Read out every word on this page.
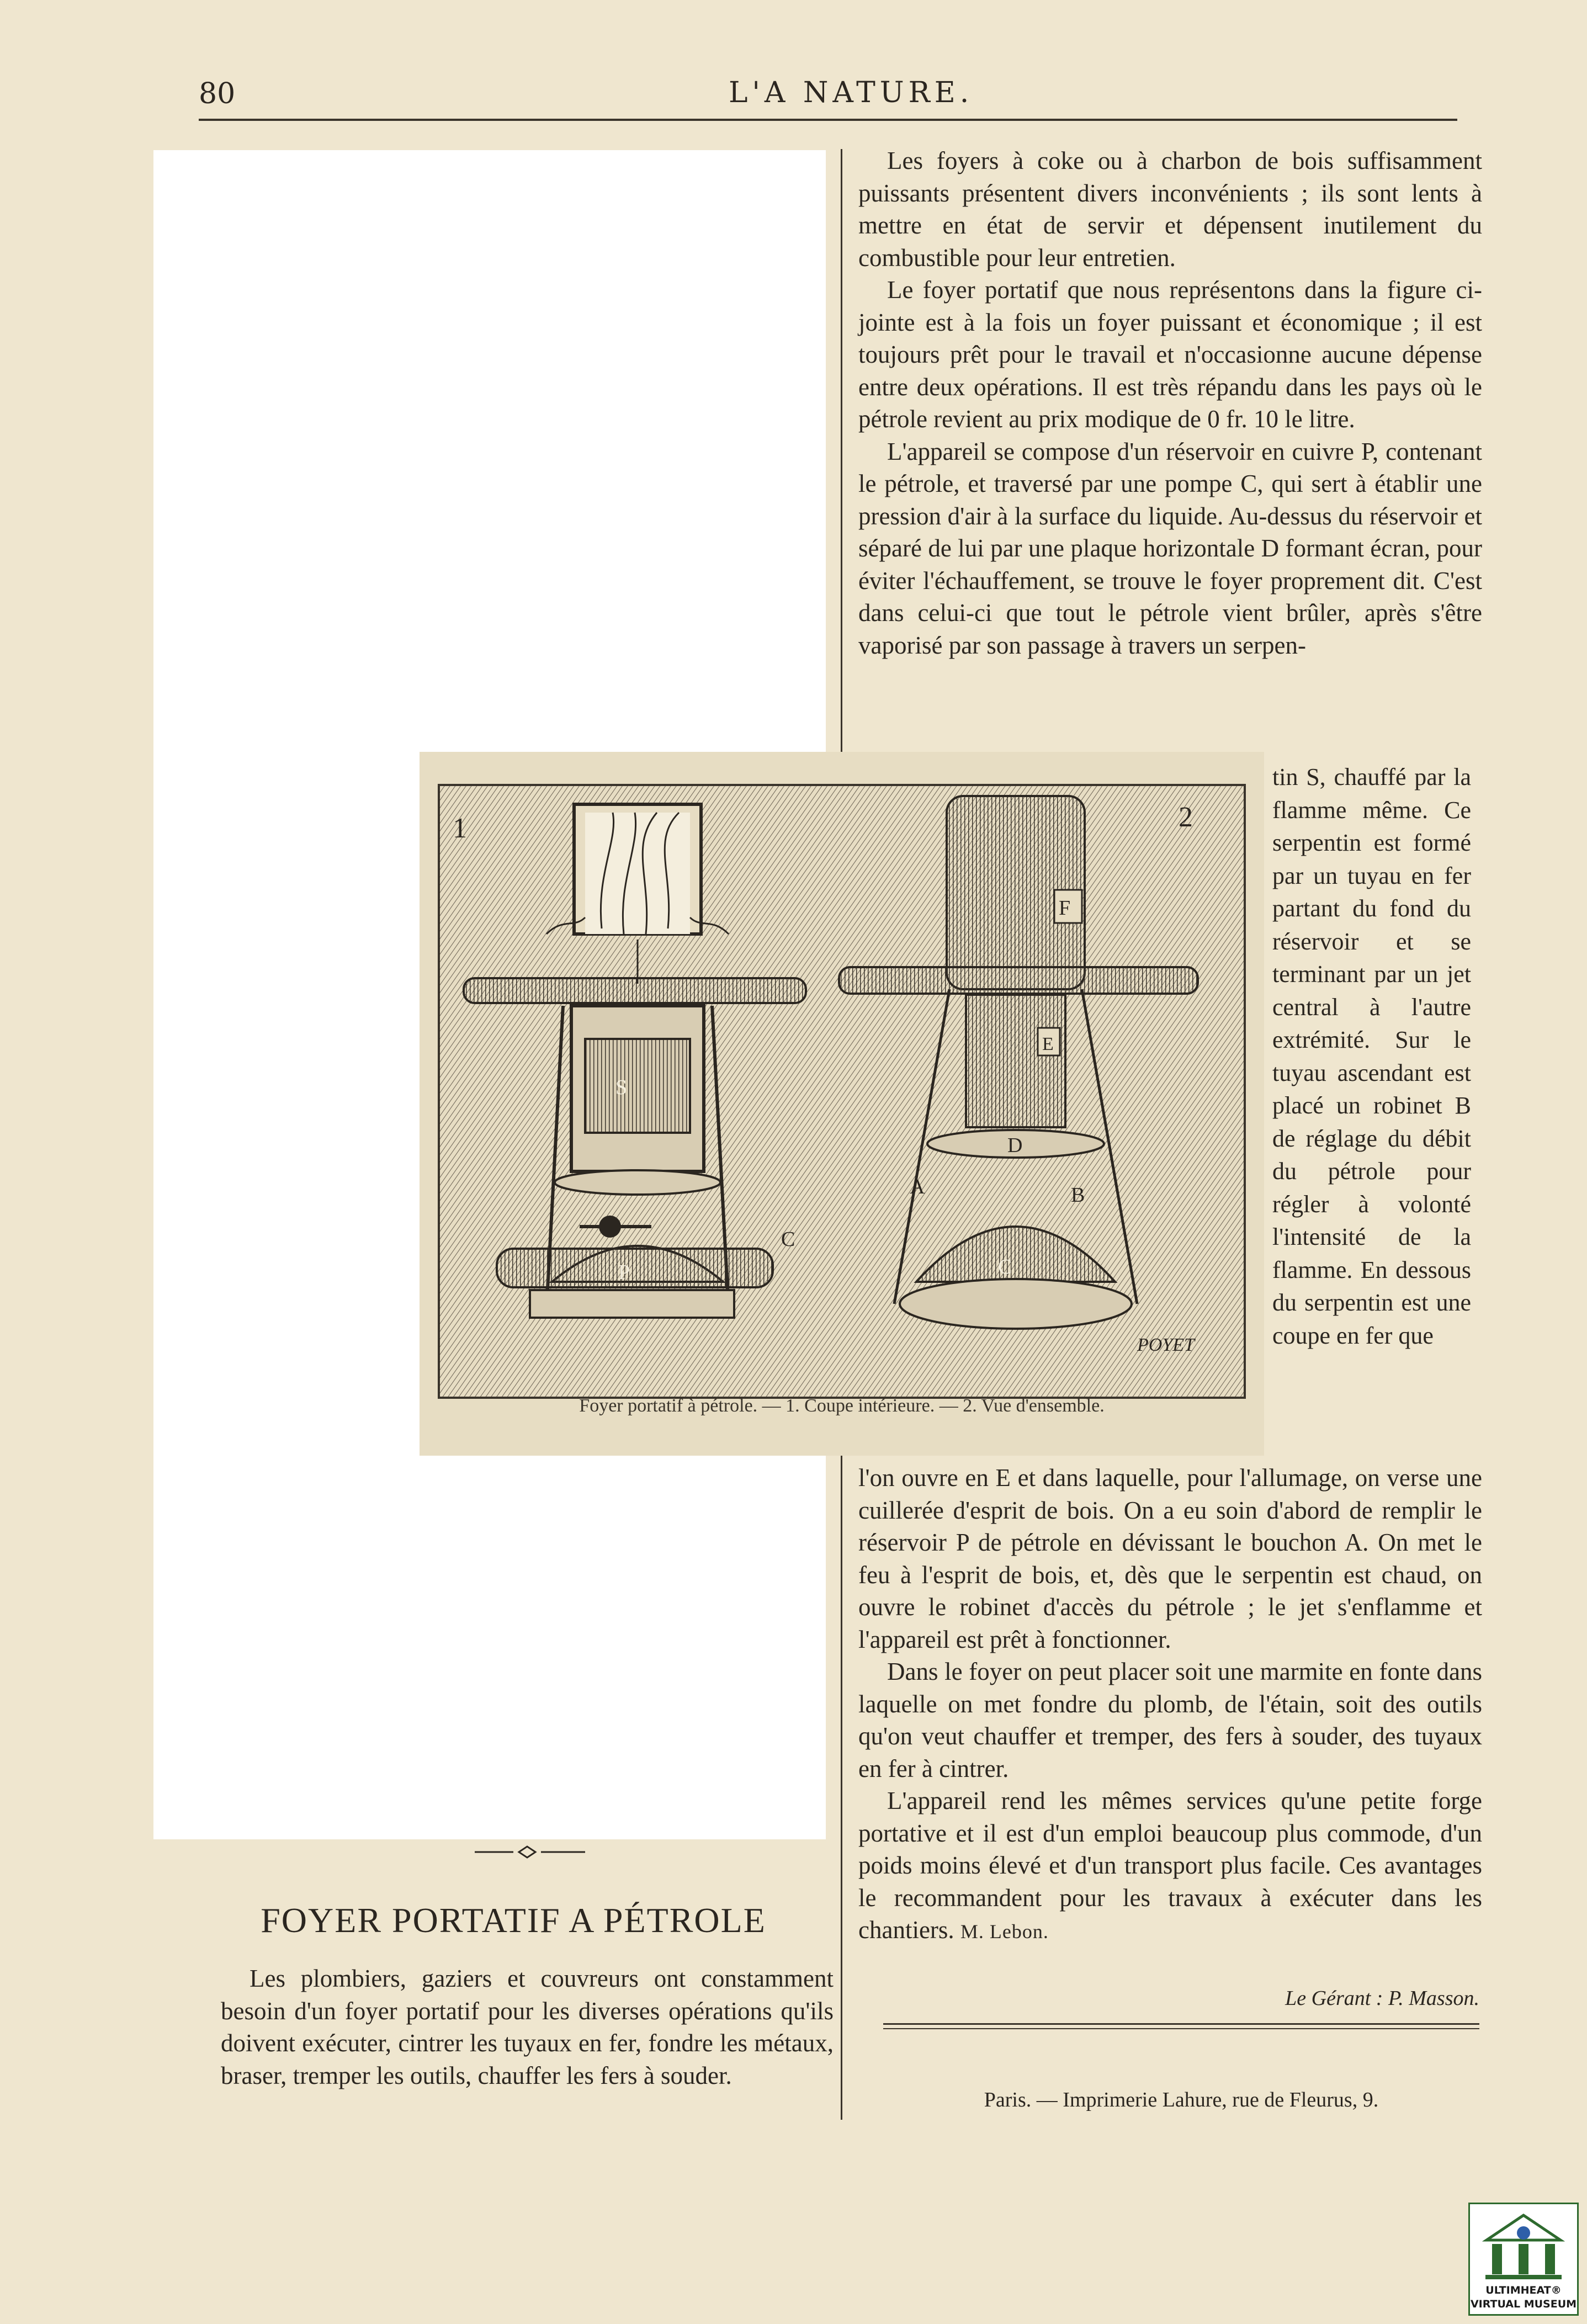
80	L'A NATURE.

Les foyers à coke ou à charbon de bois suffisamment puissants présentent divers inconvénients ; ils sont lents à mettre en état de servir et dépensent inutilement du combustible pour leur entretien.

Le foyer portatif que nous représentons dans la figure ci-jointe est à la fois un foyer puissant et économique ; il est toujours prêt pour le travail et n'occasionne aucune dépense entre deux opérations. Il est très répandu dans les pays où le pétrole revient au prix modique de 0 fr. 10 le litre.

L'appareil se compose d'un réservoir en cuivre P, contenant le pétrole, et traversé par une pompe C, qui sert à établir une pression d'air à la surface du liquide. Au-dessus du réservoir et séparé de lui par une plaque horizontale D formant écran, pour éviter l'échauffement, se trouve le foyer proprement dit. C'est dans celui-ci que tout le pétrole vient brûler, après s'être vaporisé par son passage à travers un serpen-

1
S
P
C
2
F
E
D
A	B
C
POYET
Foyer portatif à pétrole. — 1. Coupe intérieure. — 2. Vue d'ensemble.
tin S, chauffé par la flamme même. Ce serpentin est formé par un tuyau en fer partant du fond du réservoir et se terminant par un jet central à l'autre extrémité. Sur le tuyau ascendant est placé un robinet B de réglage du débit du pétrole pour régler à volonté l'intensité de la flamme. En dessous du serpentin est une coupe en fer que

l'on ouvre en E et dans laquelle, pour l'allumage, on verse une cuillerée d'esprit de bois. On a eu soin d'abord de remplir le réservoir P de pétrole en dévissant le bouchon A. On met le feu à l'esprit de bois, et, dès que le serpentin est chaud, on ouvre le robinet d'accès du pétrole ; le jet s'enflamme et l'appareil est prêt à fonctionner.

Dans le foyer on peut placer soit une marmite en fonte dans laquelle on met fondre du plomb, de l'étain, soit des outils qu'on veut chauffer et tremper, des fers à souder, des tuyaux en fer à cintrer.

L'appareil rend les mêmes services qu'une petite forge portative et il est d'un emploi beaucoup plus commode, d'un poids moins élevé et d'un transport plus facile. Ces avantages le recommandent pour les travaux à exécuter dans les chantiers. M. Lebon.

FOYER PORTATIF A PÉTROLE

Les plombiers, gaziers et couvreurs ont constamment besoin d'un foyer portatif pour les diverses opérations qu'ils doivent exécuter, cintrer les tuyaux en fer, fondre les métaux, braser, tremper les outils, chauffer les fers à souder.

Le Gérant : P. Masson.
Paris. — Imprimerie Lahure, rue de Fleurus, 9.
ULTIMHEAT®
VIRTUAL MUSEUM
